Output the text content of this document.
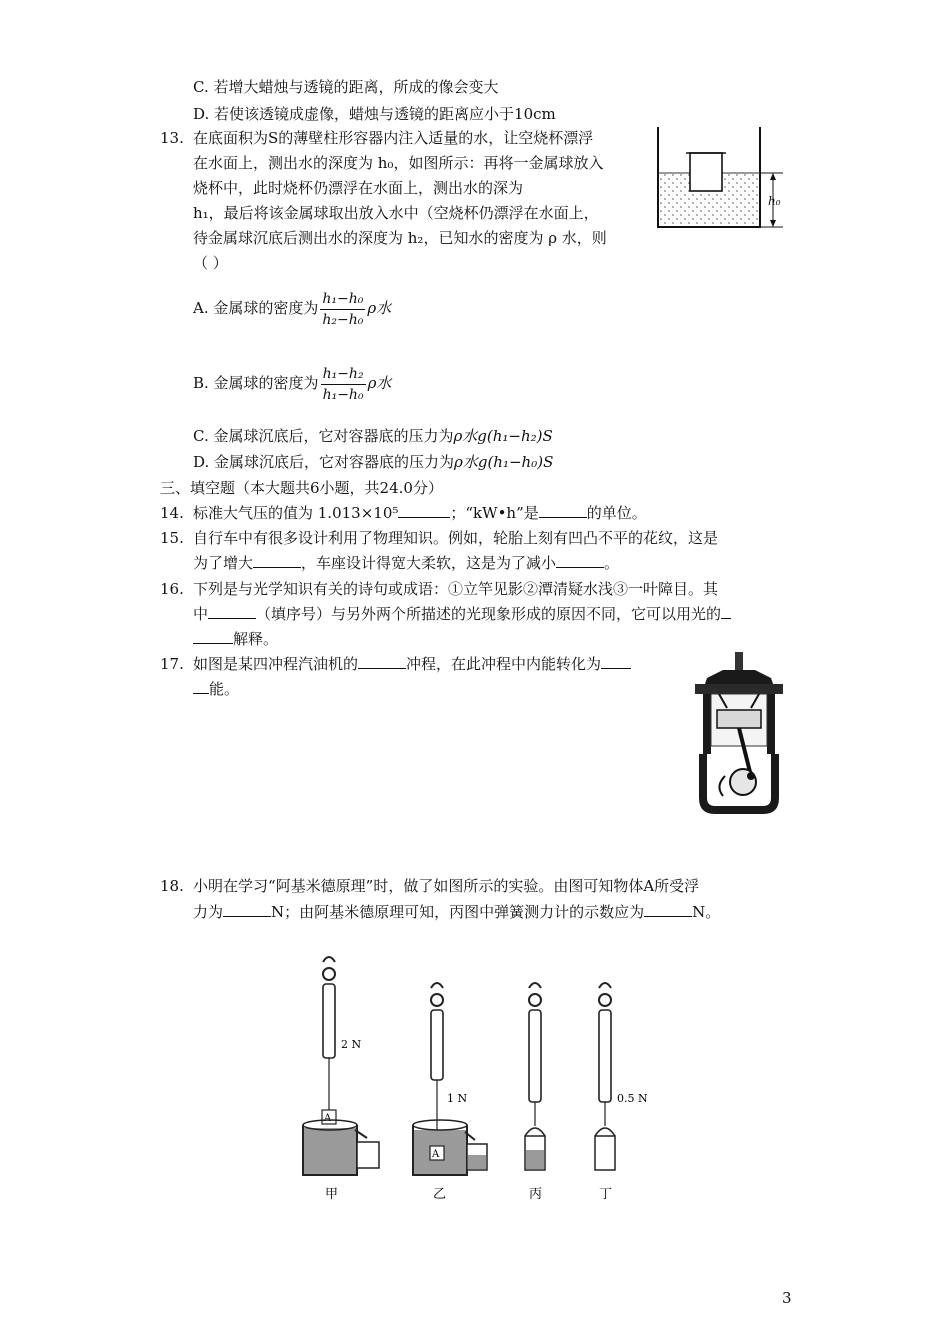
C. 若增大蜡烛与透镜的距离，所成的像会变大
D. 若使该透镜成虚像，蜡烛与透镜的距离应小于10cm
13. 在底面积为S的薄壁柱形容器内注入适量的水，让空烧杯漂浮
在水面上，测出水的深度为 h₀，如图所示：再将一金属球放入
烧杯中，此时烧杯仍漂浮在水面上，测出水的深为
h₁，最后将该金属球取出放入水中（空烧杯仍漂浮在水面上，
待金属球沉底后测出水的深度为 h₂，已知水的密度为 ρ 水，则
（ ）
h₀
A. 金属球的密度为 $\frac{\text{h₁−h₀}}{\text{h₂−h₀}}$ ρ水
B. 金属球的密度为 $\frac{\text{h₁−h₂}}{\text{h₁−h₀}}$ ρ水
C. 金属球沉底后，它对容器底的压力为ρ水g(h₁−h₂)S
D. 金属球沉底后，它对容器底的压力为ρ水g(h₁−h₀)S
三、填空题（本大题共6小题，共24.0分）
14. 标准大气压的值为 1.013×10⁵	；“kW•h”是	的单位。
15. 自行车中有很多设计利用了物理知识。例如，轮胎上刻有凹凸不平的花纹，这是
为了增大	，车座设计得宽大柔软，这是为了减小	。
16. 下列是与光学知识有关的诗句或成语：①立竿见影②潭清疑水浅③一叶障目。其
中	（填序号）与另外两个所描述的光现象形成的原因不同，它可以用光的
解释。
17. 如图是某四冲程汽油机的	冲程，在此冲程中内能转化为
能。
18. 小明在学习“阿基米德原理”时，做了如图所示的实验。由图可知物体A所受浮
力为	N；由阿基米德原理可知，丙图中弹簧测力计的示数应为	N。
A
2 N
1 N
A
0.5 N
甲	乙	丙	丁
3
